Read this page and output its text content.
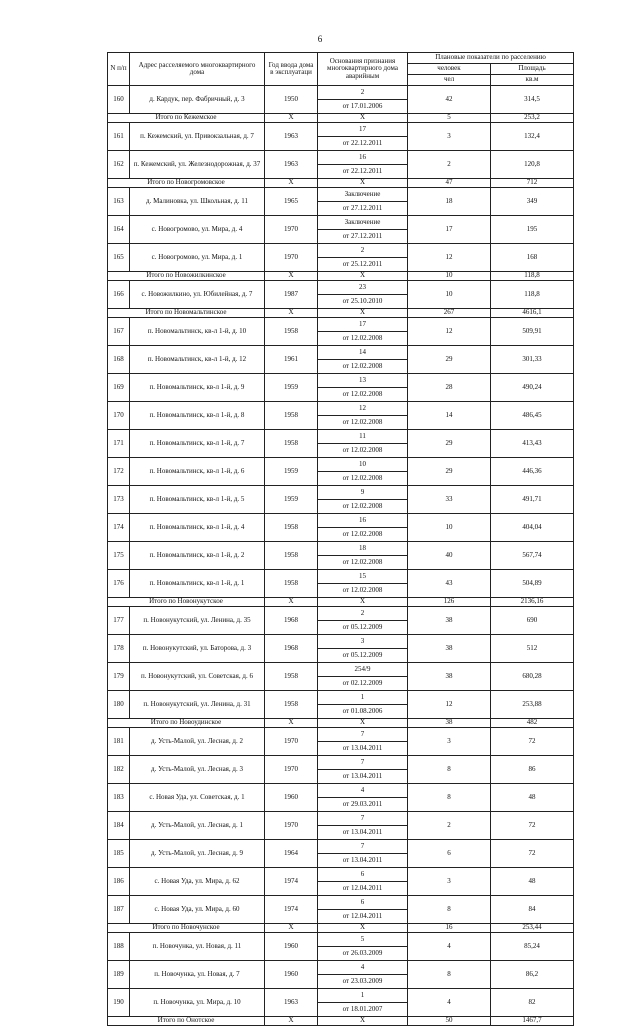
6
N п/п	Адрес расселяемого многоквартирного дома	Год ввода дома в эксплуатаци	Основания признания многоквартирного дома аварийным	Плановые показатели по расселению	
				человек	Площадь
				чел	кв.м
160	д. Кардук, пер. Фабричный, д. 3	1950	2
от 17.01.2006	42	314,5
Итого по Кежемское		Х	Х	5	253,2
161	п. Кежемский, ул. Привокзальная, д. 7	1963	17
от 22.12.2011	3	132,4
162	п. Кежемский, ул. Железнодорожная, д. 37	1963	16
от 22.12.2011	2	120,8
Итого по Новогромовское		Х	Х	47	712
163	д. Малиновка, ул. Школьная, д. 11	1965	Заключение
от 27.12.2011	18	349
164	с. Новогромово, ул. Мира, д. 4	1970	Заключение
от 27.12.2011	17	195
165	с. Новогромово, ул. Мира, д. 1	1970	2
от 25.12.2011	12	168
Итого по Новожилкинское		Х	Х	10	118,8
166	с. Новожилкино, ул. Юбилейная, д. 7	1987	23
от 25.10.2010	10	118,8
Итого по Новомальтинское		Х	Х	267	4616,1
167	п. Новомальтинск, кв-л 1-й, д. 10	1958	17
от 12.02.2008	12	509,91
168	п. Новомальтинск, кв-л 1-й, д. 12	1961	14
от 12.02.2008	29	301,33
169	п. Новомальтинск, кв-л 1-й, д. 9	1959	13
от 12.02.2008	28	490,24
170	п. Новомальтинск, кв-л 1-й, д. 8	1958	12
от 12.02.2008	14	486,45
171	п. Новомальтинск, кв-л 1-й, д. 7	1958	11
от 12.02.2008	29	413,43
172	п. Новомальтинск, кв-л 1-й, д. 6	1959	10
от 12.02.2008	29	446,36
173	п. Новомальтинск, кв-л 1-й, д. 5	1959	9
от 12.02.2008	33	491,71
174	п. Новомальтинск, кв-л 1-й, д. 4	1958	16
от 12.02.2008	10	404,04
175	п. Новомальтинск, кв-л 1-й, д. 2	1958	18
от 12.02.2008	40	567,74
176	п. Новомальтинск, кв-л 1-й, д. 1	1958	15
от 12.02.2008	43	504,89
Итого по Новонукутское		Х	Х	126	2136,16
177	п. Новонукутский, ул. Ленина, д. 35	1968	2
от 05.12.2009	38	690
178	п. Новонукутский, ул. Баторова, д. 3	1968	3
от 05.12.2009	38	512
179	п. Новонукутский, ул. Советская, д. 6	1958	254/9
от 02.12.2009	38	680,28
180	п. Новонукутский, ул. Ленина, д. 31	1958	1
от 01.08.2006	12	253,88
Итого по Новоудинское		Х	Х	38	482
181	д. Усть-Малой, ул. Лесная, д. 2	1970	7
от 13.04.2011	3	72
182	д. Усть-Малой, ул. Лесная, д. 3	1970	7
от 13.04.2011	8	86
183	с. Новая Уда, ул. Советская, д. 1	1960	4
от 29.03.2011	8	48
184	д. Усть-Малой, ул. Лесная, д. 1	1970	7
от 13.04.2011	2	72
185	д. Усть-Малой, ул. Лесная, д. 9	1964	7
от 13.04.2011	6	72
186	с. Новая Уда, ул. Мира, д. 62	1974	6
от 12.04.2011	3	48
187	с. Новая Уда, ул. Мира, д. 60	1974	6
от 12.04.2011	8	84
Итого по Новочунское		Х	Х	16	253,44
188	п. Новочунка, ул. Новая, д. 11	1960	5
от 26.03.2009	4	85,24
189	п. Новочунка, ул. Новая, д. 7	1960	4
от 23.03.2009	8	86,2
190	п. Новочунка, ул. Мира, д. 10	1963	1
от 18.01.2007	4	82
Итого по Онотское		Х	Х	50	1467,7
